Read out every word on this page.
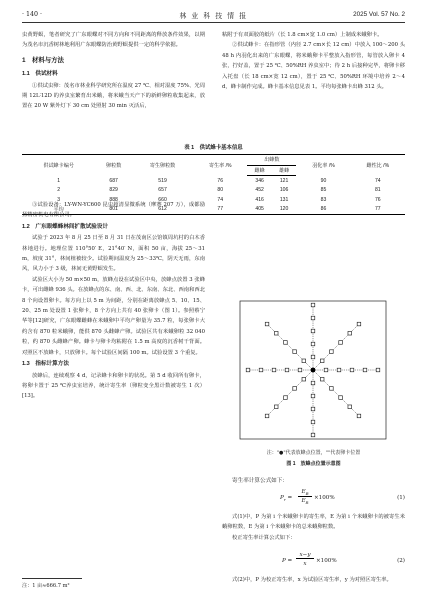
· 140 ·	林 业 科 技 情 报	2025 Vol. 57 No. 2

虫黄野螟，笔者研究了广东眼蝶对不同方向和不同距离的释放条件效果，以期为茂名市沉香树林地利用广东眼蝶防治黄野螟提供一定的科学依据。

1　材料与方法
1.1　供试材料

①供试虫卵：茂名市林业科学研究所在温度 27 ℃、相对湿度 75%、光周期 12L∶12D 的养虫室繁育出米蛾，将米蛾当天产下的新鲜卵粒收集起来，放置在 20 W 紫外灯下 30 cm 处照射 30 min 灭活后，

粘附于有双面胶的纸片（长 1.8 cm×宽 1.0 cm）上制成米蛾卵卡。

②供试蜂卡：在指形管（内径 2.7 cm×长 12 cm）中放入 100～200 头 48 h 内羽化出来的广东眼蝶，将米蛾卵卡平整放入指形管，每管放入卵卡 4 张，拧好盖，置于 25 ℃、50%RH 养虫室中；待 2 h 后接种完毕，将卵卡移入托盘（长 18 cm×宽 12 cm），置于 25 ℃、50%RH 环境中培养 2～4 d，蜂卡制作完成。蜂卡基本信息见表 1。平均每张蜂卡出蜂 312 头。

表 1　供试蜂卡基本信息
供试蜂卡编号	卵粒数	寄生卵粒数	寄生率 /%	出蜂数		羽化率 /%	雌性比 /%
				雌蜂	雄蜂		
1	687	519	76	346	121	90	74
2	829	657	80	452	106	85	81
3	888	660	74	416	131	83	76
平均	801	612	77	405	120	86	77

③试验设备：LY-WN-YC600 昆虫超清显微系统（摩赛 207 万），成都励扬精密机电有限公司。

1.2　广东眼蝶蜂林间扩散试验设计

试验于 2023 年 8 月 25 日至 8 月 31 日在茂南区公馆镇周坑村的白木香林地进行。地理位置 110°50′ E，21°40′ N，面积 50 亩，海拔 25～31 m，坡度 31°，林间植被较少。试验期间温度为 25～33℃，阴天无雨，东南风，风力小于 3 级，林间无黄野螟发生。

试验区大小为 50 m×50 m，放蜂点设在试验区中央，放蜂点放置 3 张蜂卡，可出雌蜂 936 头。在放蜂点的东、南、西、北、东南、东北、西南和西北 8 个向设置卵卡。每方向上以 5 m 为间距，分别在距离放蜂点 5、10、15、20、25 m 处设置 1 张卵卡，8 个方向上共有 40 张卵卡（图 1）。参照蔡宁华等[12]研究，广东眼蝶雌蜂在米蛾卵中平均产卵量为 35.7 粒，每张卵卡大约含有 870 粒米蛾卵，能供 870 头雌蜂产卵。试验区共有米蛾卵粒 32 040 粒，约 870 头雌蜂产卵。蜂卡与卵卡均粘附在 1.5 m 高度的沉香树干背面。对照区不放蜂卡，只放卵卡。每个试验区间隔 100 m。试验设置 3 个重复。

1.3　指标计算方法

放蜂后，连续观察 4 d，记录蜂卡和卵卡的状况。第 5 d 收回所有卵卡，将卵卡置于 25 ℃养虫室培养，统计寄生率（卵粒变全黑计数被寄生 1 次）[13]。

注："●"代表放蜂点位置，""代表卵卡位置
图 1　放蜂点位置示意图
寄生率计算公式如下：
$P_r$ =
$E_B$
$E_R$
×100%	(1)

式(1)中，P 为第 i 个米蛾卵卡的寄生率，E 为第 i 个米蛾卵卡的被寄生米蛾卵粒数，E 为第 i 个米蛾卵卡的总米蛾卵粒数。

校正寄生率计算公式如下：

P =
x−y
x	×100%	(2)

式(2)中，P 为校正寄生率，x 为试验区寄生率，y 为对照区寄生率。

注：1 亩≈666.7 m²
